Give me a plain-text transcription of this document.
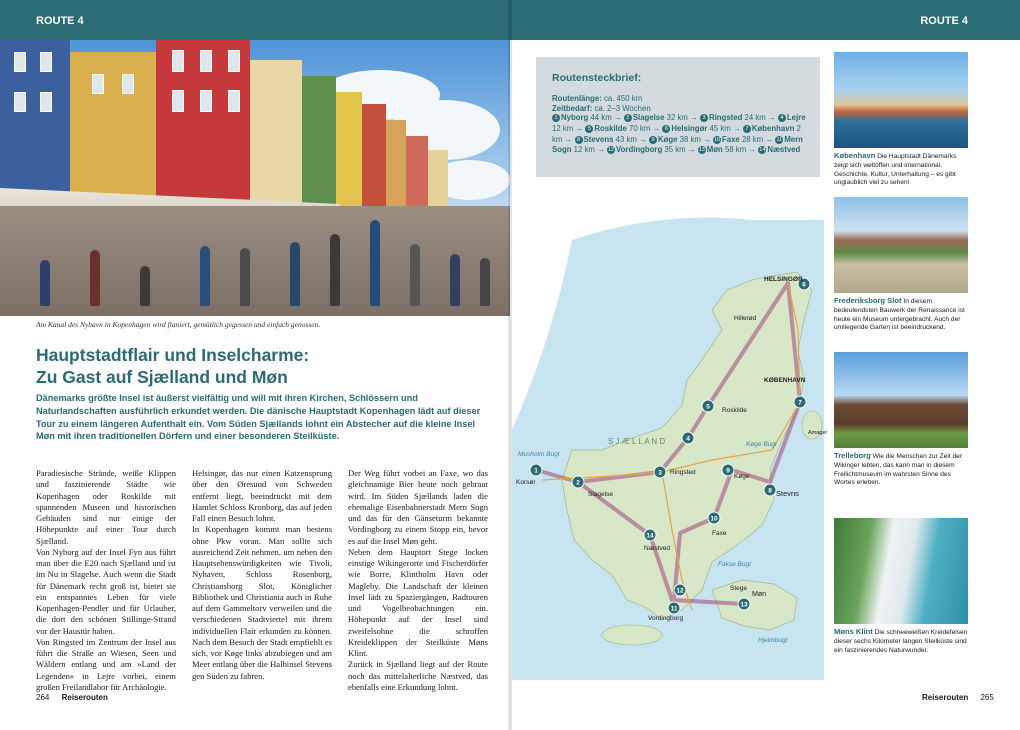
ROUTE 4	ROUTE 4
Am Kanal des Nyhavn in Kopenhagen wird flaniert, gemütlich gegessen und einfach genossen.
Hauptstadtflair und Inselcharme:
Zu Gast auf Sjælland und Møn
Dänemarks größte Insel ist äußerst vielfältig und will mit ihren Kirchen, Schlössern und Naturlandschaften ausführlich erkundet werden. Die dänische Hauptstadt Kopenhagen lädt auf dieser Tour zu einem längeren Aufenthalt ein. Vom Süden Sjællands lohnt ein Abstecher auf die kleine Insel Møn mit ihren traditionellen Dörfern und einer besonderen Steilküste.

Paradiesische Strände, weiße Klippen und faszinierende Städte wie Kopenhagen oder Roskilde mit spannenden Museen und historischen Gebäuden sind nur einige der Höhepunkte auf einer Tour durch Sjælland.

Von Nyborg auf der Insel Fyn aus führt man über die E20 nach Sjælland und ist im Nu in Slagelse. Auch wenn die Stadt für Dänemark recht groß ist, bietet sie ein entspanntes Leben für viele Kopenhagen-Pendler und für Urlauber, die dort den schönen Stillinge-Strand vor der Haustür haben.

Von Ringsted im Zentrum der Insel aus führt die Straße an Wiesen, Seen und Wäldern entlang und am »Land der Legenden« in Lejre vorbei, einem großen Freilandlabor für Archäologie.

Helsingør, das nur einen Katzensprung über den Øresund von Schweden entfernt liegt, beeindruckt mit dem Hamlet Schloss Kronborg, das auf jeden Fall einen Besuch lohnt.

In Kopenhagen kommt man bestens ohne Pkw voran. Man sollte sich ausreichend Zeit nehmen, um neben den Hauptsehenswürdigkeiten wie Tivoli, Nyhaven, Schloss Rosenborg, Christiansborg Slot, Königlicher Bibliothek und Christiania auch in Ruhe auf dem Gammeltorv verweilen und die verschiedenen Stadtviertel mit ihrem individuellen Flair erkunden zu können. Nach dem Besuch der Stadt empfiehlt es sich, vor Køge links abzubiegen und am Meer entlang über die Halbinsel Stevens gen Süden zu fahren.

Der Weg führt vorbei an Faxe, wo das gleichnamige Bier heute noch gebraut wird. Im Süden Sjællands laden die ehemalige Eisenbahnerstadt Mern Sogn und das für den Gänseturm bekannte Vordingborg zu einem Stopp ein, bevor es auf die Insel Møn geht.

Neben dem Hauptort Stege locken einstige Wikingerorte und Fischerdörfer wie Borre, Klintholm Havn oder Magleby. Die Landschaft der kleinen Insel lädt zu Spaziergängen, Radtouren und Vogelbeobachtungen ein. Höhepunkt auf der Insel sind zweifelsohne die schroffen Kreideklippen der Steilküste Møns Klint.

Zurück in Sjælland liegt auf der Route noch das mittelalterliche Næstved, das ebenfalls eine Erkundung lohnt.

264 Reiserouten	Reiserouten 265
Routensteckbrief:
Routenlänge: ca. 450 km
Zeitbedarf: ca. 2–3 Wochen
1 Nyborg 44 km → 2 Slagelse 32 km → 3 Ringsted 24 km → 4 Lejre 12 km → 5 Roskilde 70 km → 6 Helsingør 45 km → 7 København 2 km → 8 Stevens 43 km → 9 Køge 38 km → 10 Faxe 28 km → 11 Mern Sogn 12 km → 12 Vordingborg 35 km → 13 Møn 58 km → 14 Næstved
1
2
3
4
5
6
7
8
9
10
11
12
13
14
HELSINGØR
KØBENHAVN
Hillerød
Roskilde
Ringsted
Køge
Korsør
Slagelse
Næstved
Vordingborg
Stevns
Møn
Faxe
Stege
Amager
S J Æ L L A N D	Køge Bugt
Fakse Bugt
Hjelmbugt
Musholm Bugt
København Die Hauptstadt Dänemarks zeigt sich weltoffen und international. Geschichte, Kultur, Unterhaltung – es gibt unglaublich viel zu sehen!
Frederiksborg Slot In diesem bedeutendsten Bauwerk der Renaissance ist heute ein Museum untergebracht. Auch der umliegende Garten ist beeindruckend.
Trelleborg Wie die Menschen zur Zeit der Wikinger lebten, das kann man in diesem Freilichtmuseum im wahrsten Sinne des Wortes erleben.
Møns Klint Die schneeweißen Kreidefelsen dieser sechs Kilometer langen Steilküste sind ein faszinierendes Naturwunder.
